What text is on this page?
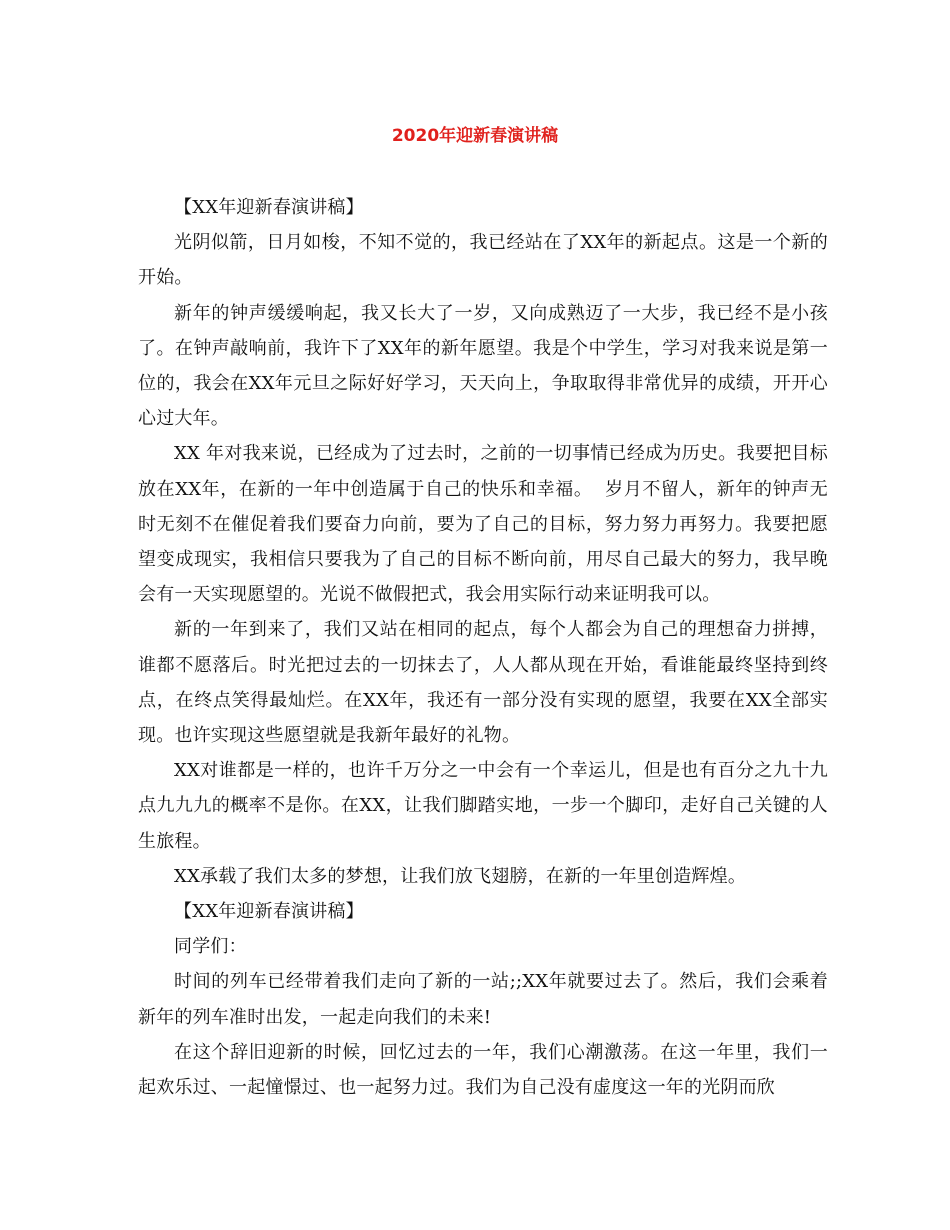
2020年迎新春演讲稿

【XX年迎新春演讲稿】

光阴似箭，日月如梭，不知不觉的，我已经站在了XX年的新起点。这是一个新的开始。

新年的钟声缓缓响起，我又长大了一岁，又向成熟迈了一大步，我已经不是小孩了。在钟声敲响前，我许下了XX年的新年愿望。我是个中学生，学习对我来说是第一位的，我会在XX年元旦之际好好学习，天天向上，争取取得非常优异的成绩，开开心心过大年。

XX 年对我来说，已经成为了过去时，之前的一切事情已经成为历史。我要把目标放在XX年，在新的一年中创造属于自己的快乐和幸福。  岁月不留人，新年的钟声无时无刻不在催促着我们要奋力向前，要为了自己的目标，努力努力再努力。我要把愿望变成现实，我相信只要我为了自己的目标不断向前，用尽自己最大的努力，我早晚会有一天实现愿望的。光说不做假把式，我会用实际行动来证明我可以。

新的一年到来了，我们又站在相同的起点，每个人都会为自己的理想奋力拼搏，谁都不愿落后。时光把过去的一切抹去了，人人都从现在开始，看谁能最终坚持到终点，在终点笑得最灿烂。在XX年，我还有一部分没有实现的愿望，我要在XX全部实现。也许实现这些愿望就是我新年最好的礼物。

XX对谁都是一样的，也许千万分之一中会有一个幸运儿，但是也有百分之九十九点九九九的概率不是你。在XX，让我们脚踏实地，一步一个脚印，走好自己关键的人生旅程。

XX承载了我们太多的梦想，让我们放飞翅膀，在新的一年里创造辉煌。

【XX年迎新春演讲稿】

同学们：

时间的列车已经带着我们走向了新的一站;;XX年就要过去了。然后，我们会乘着新年的列车准时出发，一起走向我们的未来!

在这个辞旧迎新的时候，回忆过去的一年，我们心潮激荡。在这一年里，我们一起欢乐过、一起憧憬过、也一起努力过。我们为自己没有虚度这一年的光阴而欣
